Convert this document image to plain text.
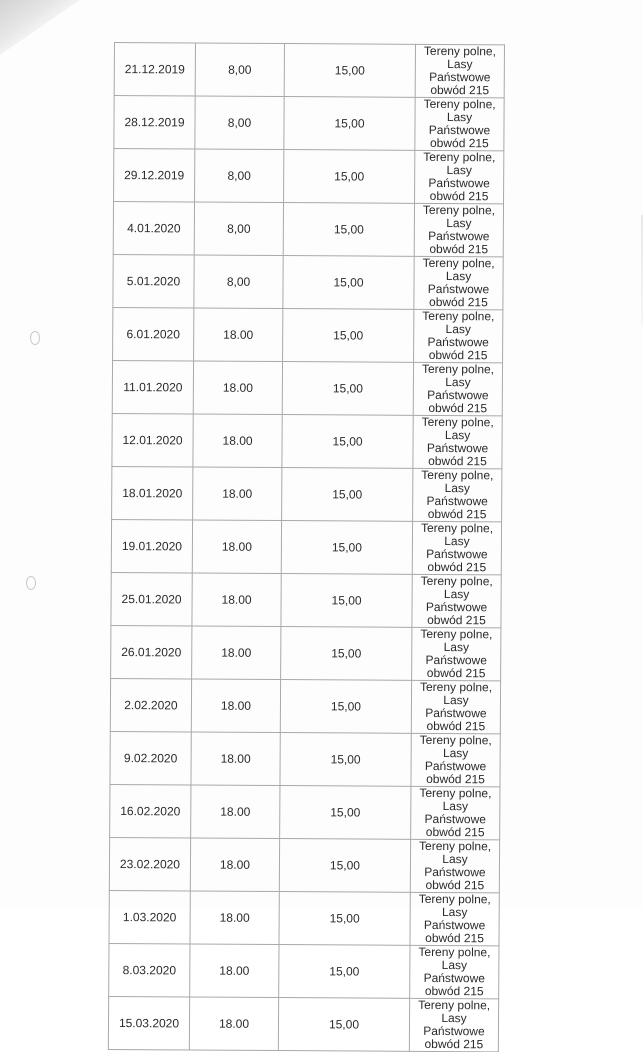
21.12.2019	8,00	15,00	Tereny polne,
Lasy Państwowe
obwód 215

28.12.2019	8,00	15,00	Tereny polne,
Lasy Państwowe
obwód 215

29.12.2019	8,00	15,00	Tereny polne,
Lasy Państwowe
obwód 215

4.01.2020	8,00	15,00	Tereny polne,
Lasy Państwowe
obwód 215

5.01.2020	8,00	15,00	Tereny polne,
Lasy Państwowe
obwód 215

6.01.2020	18.00	15,00	Tereny polne,
Lasy Państwowe
obwód 215

11.01.2020	18.00	15,00	Tereny polne,
Lasy Państwowe
obwód 215

12.01.2020	18.00	15,00	Tereny polne,
Lasy Państwowe
obwód 215

18.01.2020	18.00	15,00	Tereny polne,
Lasy Państwowe
obwód 215

19.01.2020	18.00	15,00	Tereny polne,
Lasy Państwowe
obwód 215

25.01.2020	18.00	15,00	Tereny polne,
Lasy Państwowe
obwód 215

26.01.2020	18.00	15,00	Tereny polne,
Lasy Państwowe
obwód 215

2.02.2020	18.00	15,00	Tereny polne,
Lasy Państwowe
obwód 215

9.02.2020	18.00	15,00	Tereny polne,
Lasy Państwowe
obwód 215

16.02.2020	18.00	15,00	Tereny polne,
Lasy Państwowe
obwód 215

23.02.2020	18.00	15,00	Tereny polne,
Lasy Państwowe
obwód 215

1.03.2020	18.00	15,00	Tereny polne,
Lasy Państwowe
obwód 215

8.03.2020	18.00	15,00	Tereny polne,
Lasy Państwowe
obwód 215

15.03.2020	18.00	15,00	Tereny polne,
Lasy Państwowe
obwód 215
